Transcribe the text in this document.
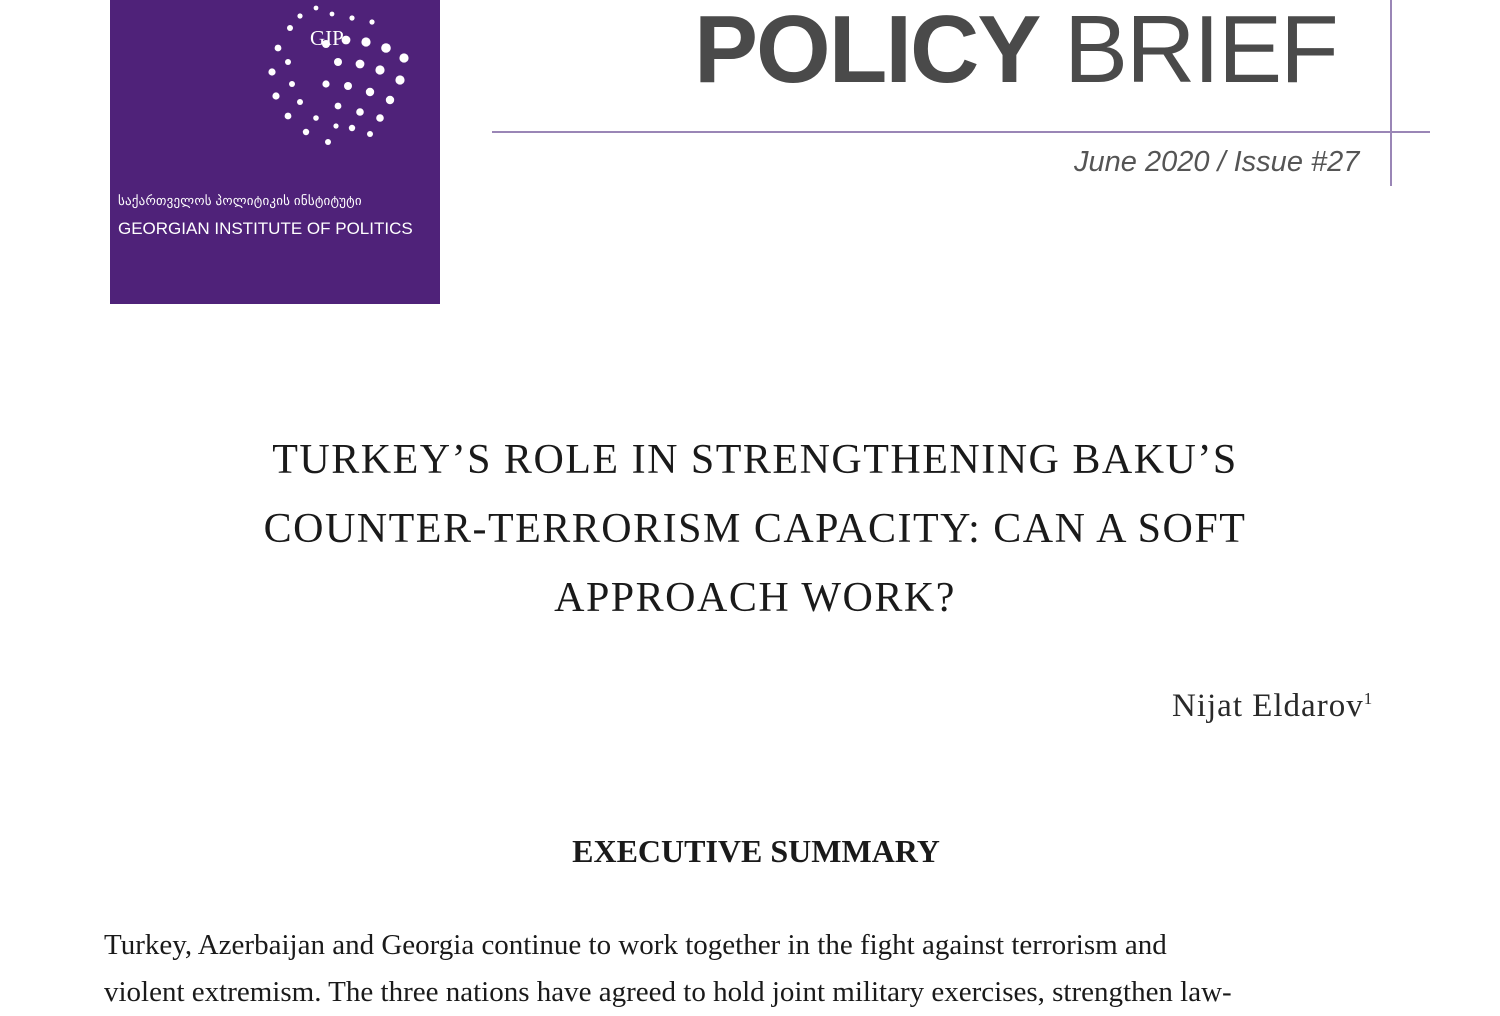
GIP
საქართველოს პოლიტიკის ინსტიტუტი
GEORGIAN INSTITUTE OF POLITICS
POLICY BRIEF
June 2020 / Issue #27
TURKEY’S ROLE IN STRENGTHENING BAKU’S
COUNTER-TERRORISM CAPACITY: CAN A SOFT
APPROACH WORK?
Nijat Eldarov$^1$
EXECUTIVE SUMMARY
Turkey, Azerbaijan and Georgia continue to work together in the fight against terrorism and
violent extremism. The three nations have agreed to hold joint military exercises, strengthen law-
